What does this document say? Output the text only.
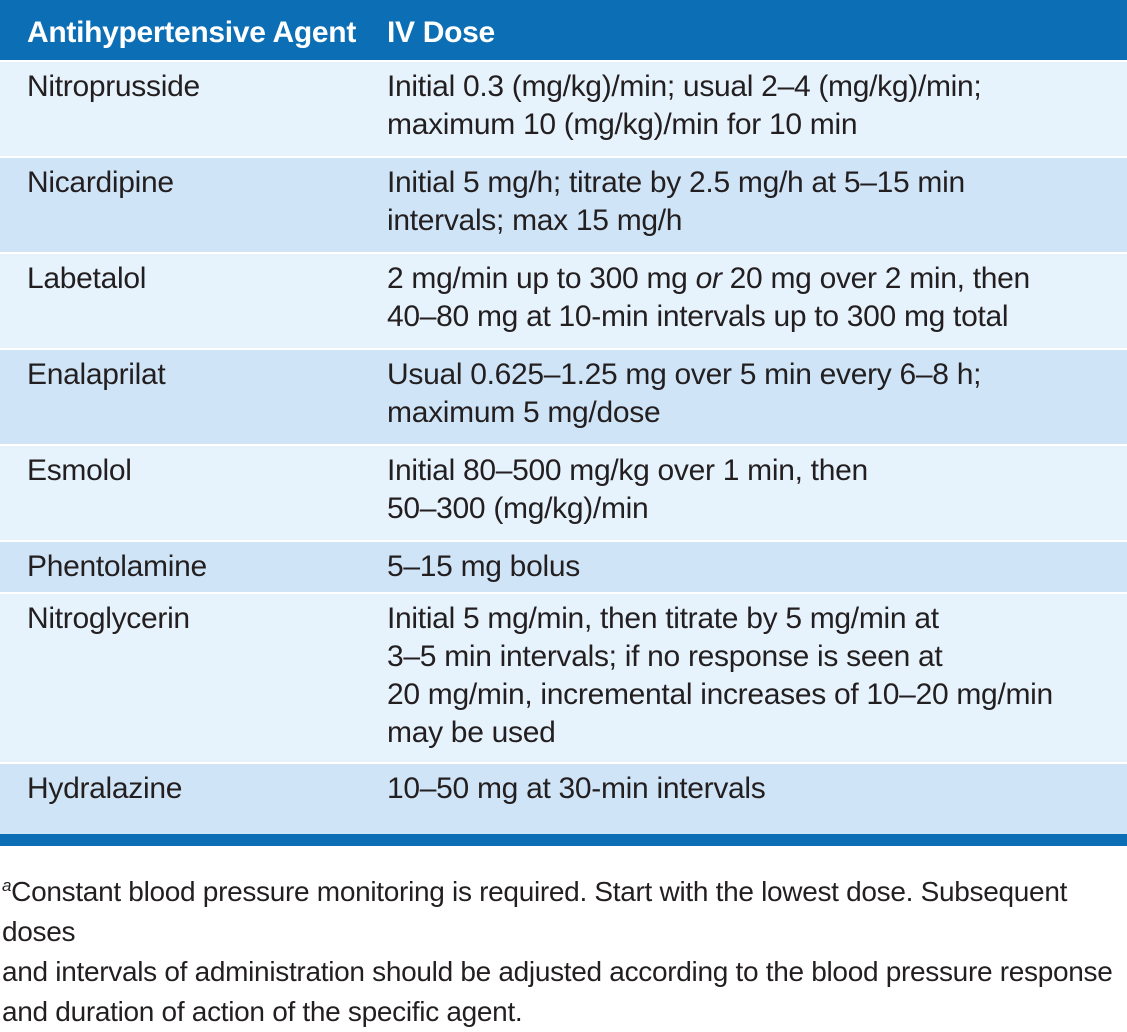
Antihypertensive Agent	IV Dose
Nitroprusside	Initial 0.3 (mg/kg)/min; usual 2–4 (mg/kg)/min;
maximum 10 (mg/kg)/min for 10 min
Nicardipine	Initial 5 mg/h; titrate by 2.5 mg/h at 5–15 min
intervals; max 15 mg/h
Labetalol	2 mg/min up to 300 mg or 20 mg over 2 min, then
40–80 mg at 10-min intervals up to 300 mg total
Enalaprilat	Usual 0.625–1.25 mg over 5 min every 6–8 h;
maximum 5 mg/dose
Esmolol	Initial 80–500 mg/kg over 1 min, then
50–300 (mg/kg)/min
Phentolamine	5–15 mg bolus
Nitroglycerin	Initial 5 mg/min, then titrate by 5 mg/min at
3–5 min intervals; if no response is seen at
20 mg/min, incremental increases of 10–20 mg/min
may be used
Hydralazine	10–50 mg at 30-min intervals
$^a$Constant blood pressure monitoring is required. Start with the lowest dose. Subsequent doses
and intervals of administration should be adjusted according to the blood pressure response
and duration of action of the specific agent.
